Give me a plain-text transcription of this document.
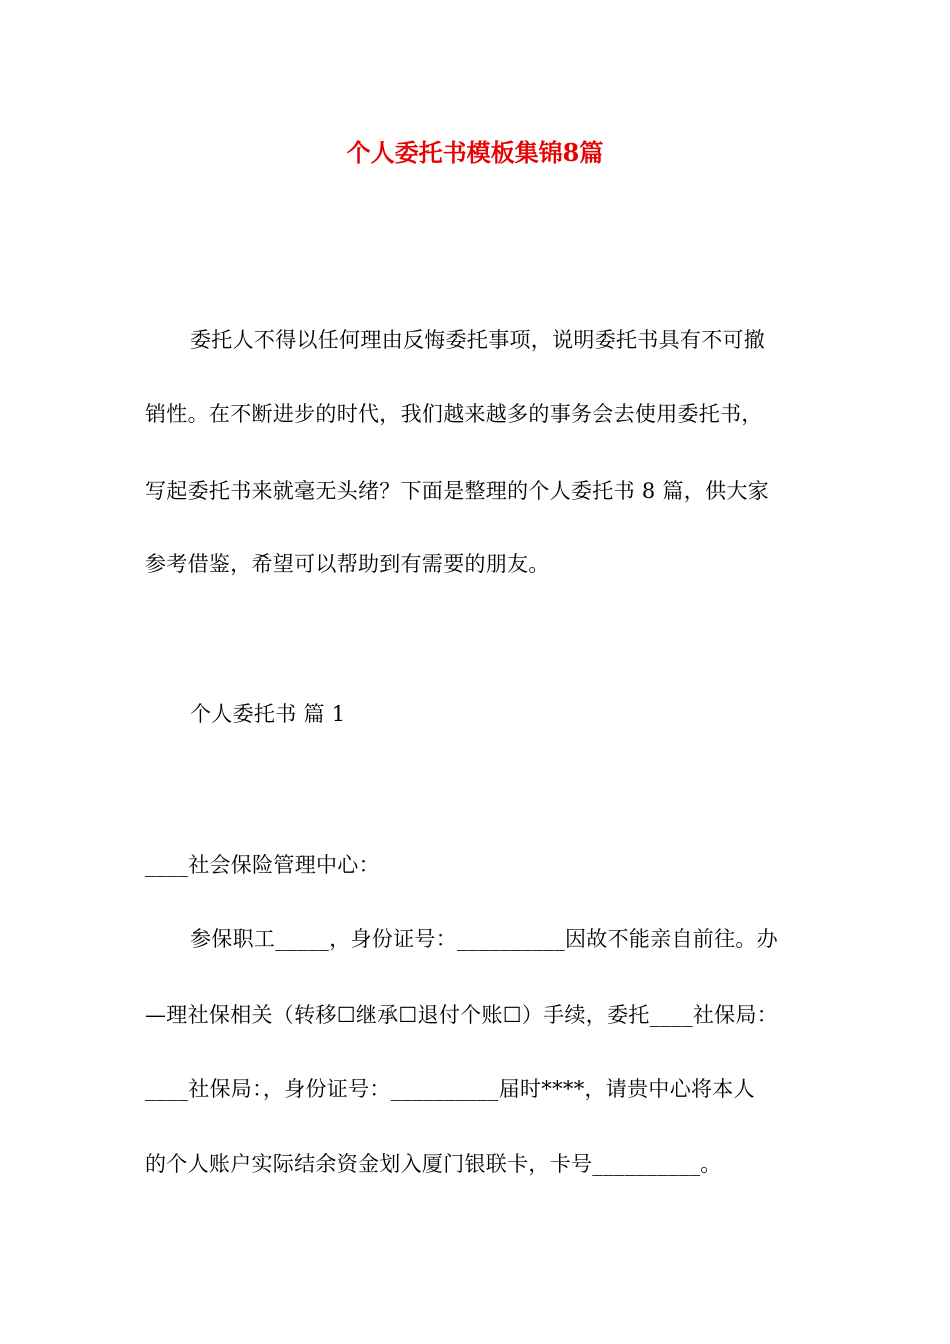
个人委托书模板集锦8篇
委托人不得以任何理由反悔委托事项，说明委托书具有不可撤
销性。在不断进步的时代，我们越来越多的事务会去使用委托书，
写起委托书来就毫无头绪？下面是整理的个人委托书 8 篇，供大家
参考借鉴，希望可以帮助到有需要的朋友。
个人委托书 篇 1
____社会保险管理中心：
参保职工_____，身份证号：__________因故不能亲自前往。办
—理社保相关（转移☐继承☐退付个账☐）手续，委托____社保局：
____社保局：，身份证号：__________届时****，请贵中心将本人
的个人账户实际结余资金划入厦门银联卡，卡号__________。
